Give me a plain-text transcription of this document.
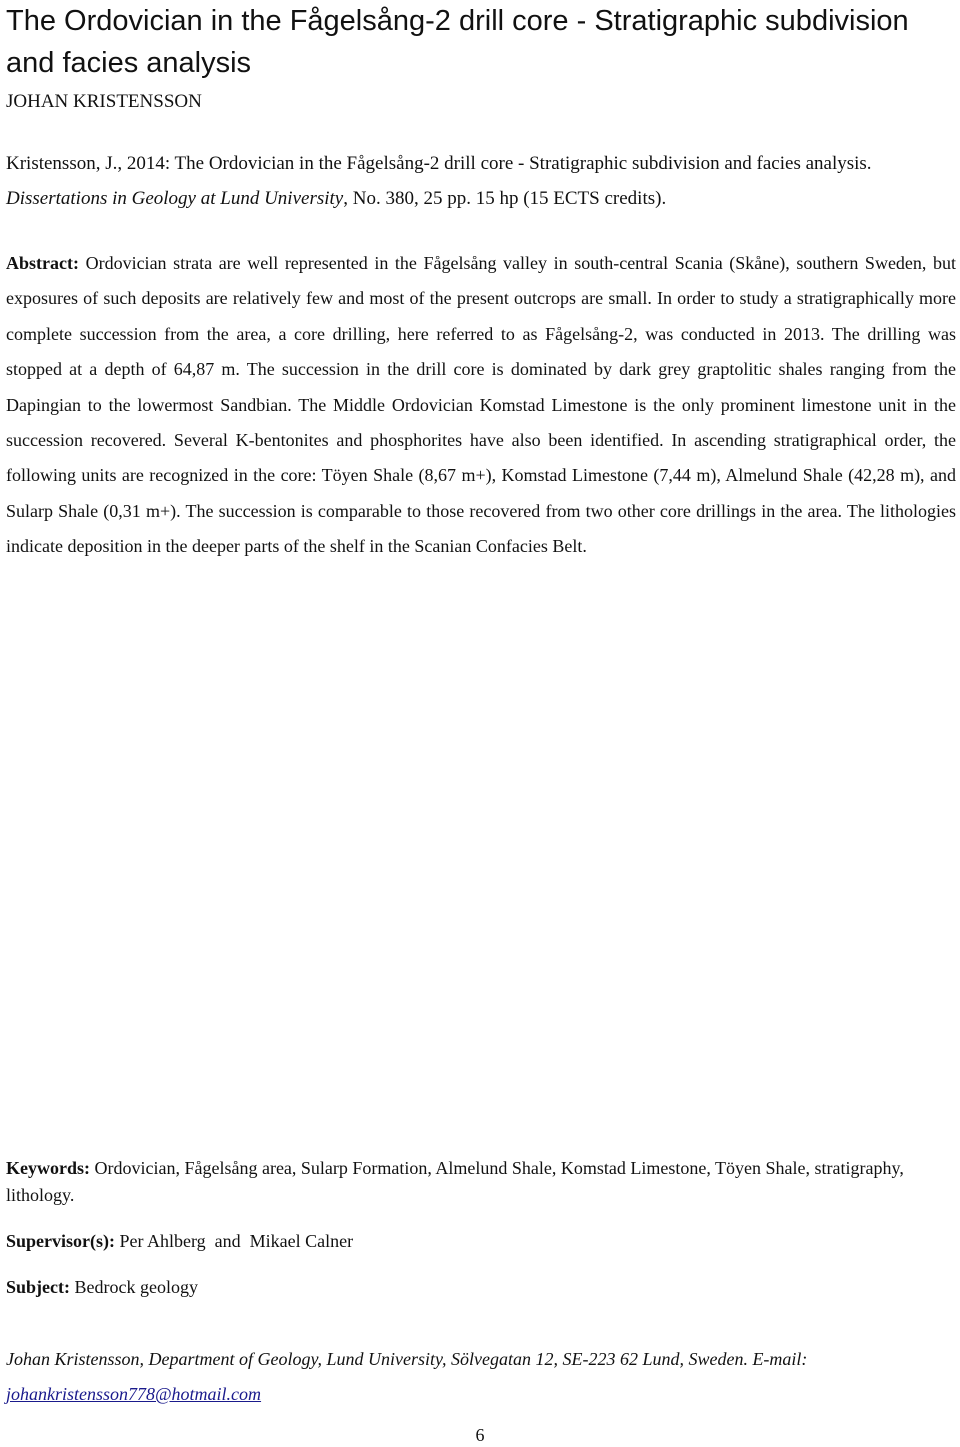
The Ordovician in the Fågelsång-2 drill core - Stratigraphic subdivision and facies analysis

JOHAN KRISTENSSON

Kristensson, J., 2014: The Ordovician in the Fågelsång-2 drill core - Stratigraphic subdivision and facies analysis.
Dissertations in Geology at Lund University, No. 380, 25 pp. 15 hp (15 ECTS credits).

Abstract: Ordovician strata are well represented in the Fågelsång valley in south-central Scania (Skåne), southern Sweden, but exposures of such deposits are relatively few and most of the present outcrops are small. In order to study a stratigraphically more complete succession from the area, a core drilling, here referred to as Fågelsång-2, was conducted in 2013. The drilling was stopped at a depth of 64,87 m. The succession in the drill core is dominated by dark grey graptolitic shales ranging from the Dapingian to the lowermost Sandbian. The Middle Ordovician Komstad Limestone is the only prominent limestone unit in the succession recovered. Several K-bentonites and phosphorites have also been identified. In ascending stratigraphical order, the following units are recognized in the core: Töyen Shale (8,67 m+), Komstad Limestone (7,44 m), Almelund Shale (42,28 m), and Sularp Shale (0,31 m+). The succession is comparable to those recovered from two other core drillings in the area. The lithologies indicate deposition in the deeper parts of the shelf in the Scanian Confacies Belt.

Keywords: Ordovician, Fågelsång area, Sularp Formation, Almelund Shale, Komstad Limestone, Töyen Shale, stratigraphy, lithology.

Supervisor(s): Per Ahlberg  and  Mikael Calner

Subject: Bedrock geology

Johan Kristensson, Department of Geology, Lund University, Sölvegatan 12, SE-223 62 Lund, Sweden. E-mail:
johankristensson778@hotmail.com

6
